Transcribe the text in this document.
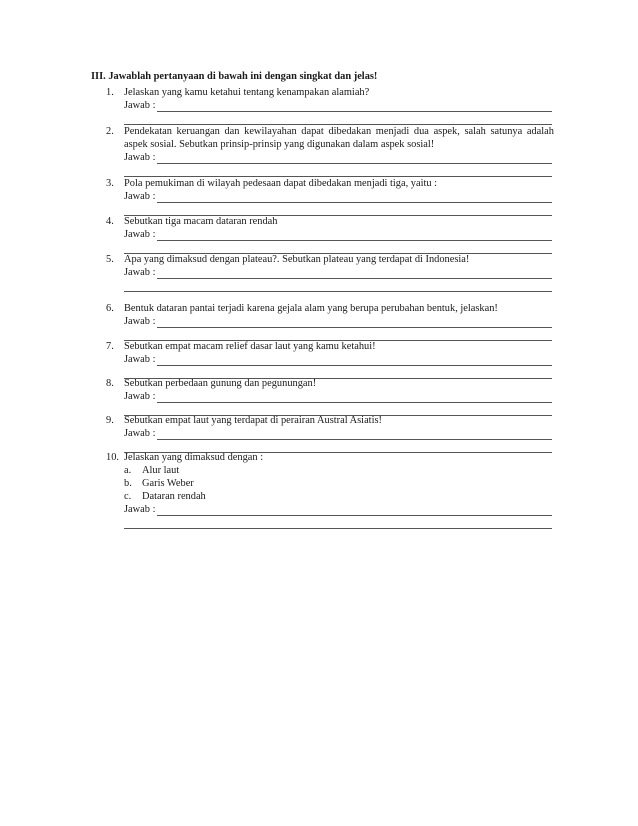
III. Jawablah pertanyaan di bawah ini dengan singkat dan jelas!
1. Jelaskan yang kamu ketahui tentang kenampakan alamiah?
Jawab :
2. Pendekatan keruangan dan kewilayahan dapat dibedakan menjadi dua aspek, salah satunya adalah aspek sosial. Sebutkan prinsip-prinsip yang digunakan dalam aspek sosial!
Jawab :
3. Pola pemukiman di wilayah pedesaan dapat dibedakan menjadi tiga, yaitu :
Jawab :
4. Sebutkan tiga macam dataran rendah
Jawab :
5. Apa yang dimaksud dengan plateau?. Sebutkan plateau yang terdapat di Indonesia!
Jawab :
6. Bentuk dataran pantai terjadi karena gejala alam yang berupa perubahan bentuk, jelaskan!
Jawab :
7. Sebutkan empat macam relief dasar laut yang kamu ketahui!
Jawab :
8. Sebutkan perbedaan gunung dan pegunungan!
Jawab :
9. Sebutkan empat laut yang terdapat di perairan Austral Asiatis!
Jawab :
10. Jelaskan yang dimaksud dengan :
a.	Alur laut
b. Garis Weber
c.	Dataran rendah
Jawab :
